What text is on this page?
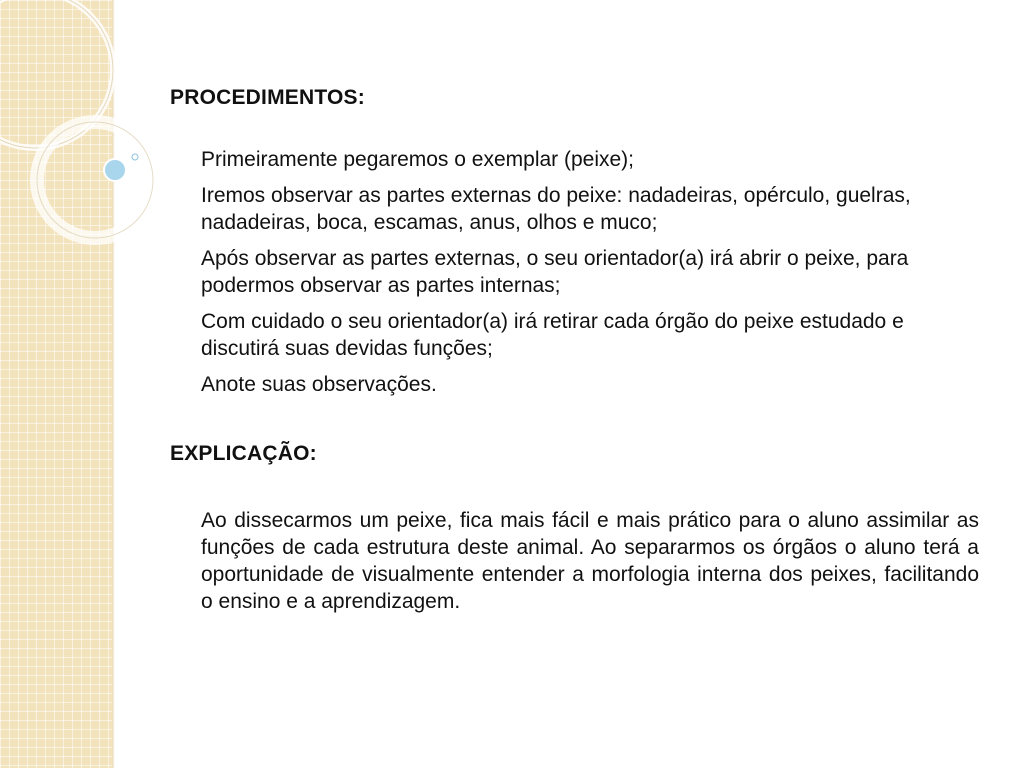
PROCEDIMENTOS:
Primeiramente pegaremos o exemplar (peixe);
Iremos observar as partes externas do peixe: nadadeiras, opérculo, guelras, nadadeiras, boca, escamas, anus, olhos e muco;
Após observar as partes externas, o seu orientador(a) irá abrir o peixe, para podermos observar as partes internas;
Com cuidado o seu orientador(a) irá retirar cada órgão do peixe estudado e discutirá suas devidas funções;
Anote suas observações.
EXPLICAÇÃO:

Ao dissecarmos um peixe, fica mais fácil e mais prático para o aluno assimilar as funções de cada estrutura deste animal. Ao separarmos os órgãos o aluno terá a oportunidade de visualmente entender a morfologia interna dos peixes, facilitando o ensino e a aprendizagem.
